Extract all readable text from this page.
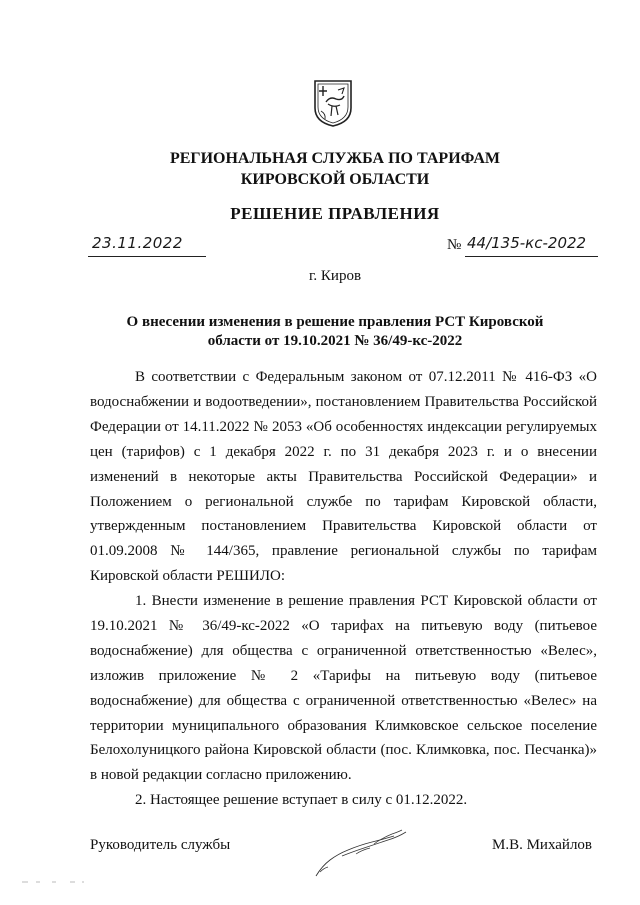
РЕГИОНАЛЬНАЯ СЛУЖБА ПО ТАРИФАМ
КИРОВСКОЙ ОБЛАСТИ
РЕШЕНИЕ ПРАВЛЕНИЯ
23.11.2022	№ 44/135-кс-2022
г. Киров
О внесении изменения в решение правления РСТ Кировской
области от 19.10.2021 № 36/49-кс-2022

В соответствии с Федеральным законом от 07.12.2011 № 416-ФЗ «О водоснабжении и водоотведении», постановлением Правительства Российской Федерации от 14.11.2022 № 2053 «Об особенностях индексации регулируемых цен (тарифов) с 1 декабря 2022 г. по 31 декабря 2023 г. и о внесении изменений в некоторые акты Правительства Российской Федерации» и Положением о региональной службе по тарифам Кировской области, утвержденным постановлением Правительства Кировской области от 01.09.2008 № 144/365, правление региональной службы по тарифам Кировской области РЕШИЛО:

1. Внести изменение в решение правления РСТ Кировской области от 19.10.2021 № 36/49-кс-2022 «О тарифах на питьевую воду (питьевое водоснабжение) для общества с ограниченной ответственностью «Велес», изложив приложение № 2 «Тарифы на питьевую воду (питьевое водоснабжение) для общества с ограниченной ответственностью «Велес» на территории муниципального образования Климковское сельское поселение Белохолуницкого района Кировской области (пос. Климковка, пос. Песчанка)» в новой редакции согласно приложению.

2. Настоящее решение вступает в силу с 01.12.2022.

Руководитель службы	М.В. Михайлов
